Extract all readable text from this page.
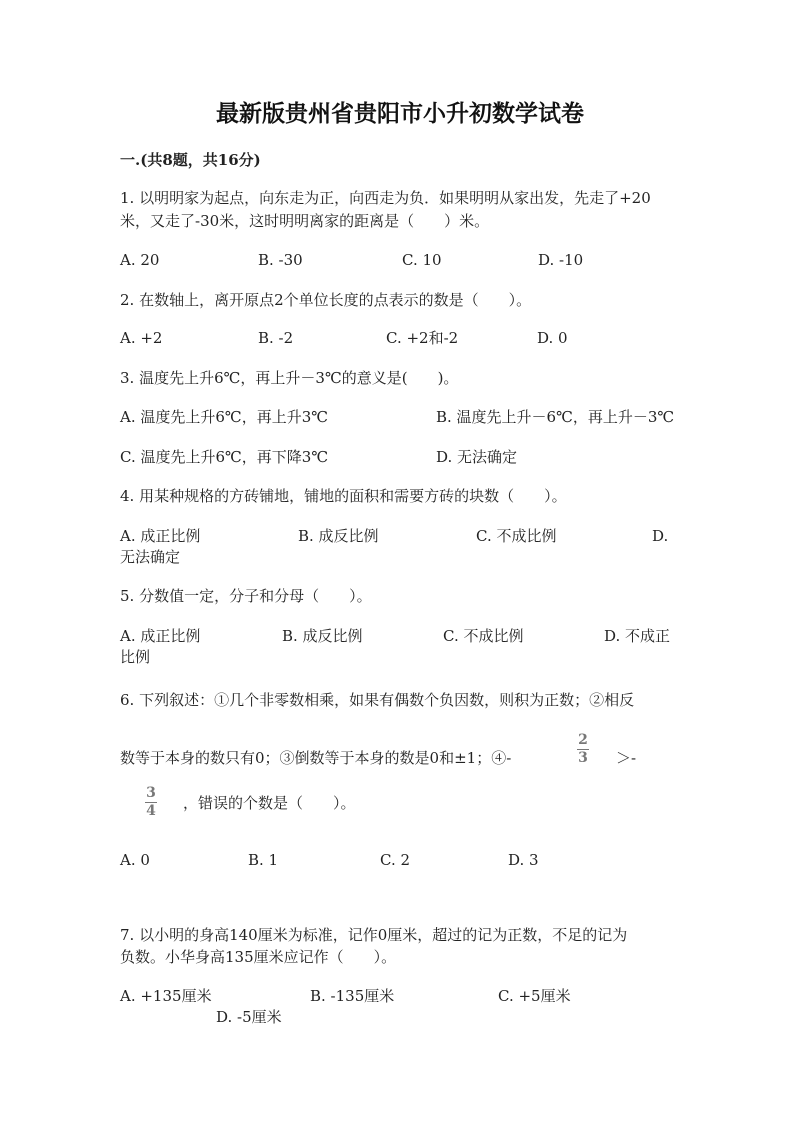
最新版贵州省贵阳市小升初数学试卷
一.(共8题，共16分)
1. 以明明家为起点，向东走为正，向西走为负．如果明明从家出发，先走了+20
米，又走了-30米，这时明明离家的距离是（　　）米。
A. 20	B. -30	C. 10	D. -10
2. 在数轴上，离开原点2个单位长度的点表示的数是（　　）。
A. +2	B. -2	C. +2和-2	D. 0
3. 温度先上升6℃，再上升－3℃的意义是(　　)。
A. 温度先上升6℃，再上升3℃	B. 温度先上升－6℃，再上升－3℃
C. 温度先上升6℃，再下降3℃	D. 无法确定
4. 用某种规格的方砖铺地，铺地的面积和需要方砖的块数（　　）。
A. 成正比例	B. 成反比例	C. 不成比例	D.
无法确定
5. 分数值一定，分子和分母（　　）。
A. 成正比例	B. 成反比例	C. 不成比例	D. 不成正
比例
6. 下列叙述：①几个非零数相乘，如果有偶数个负因数，则积为正数；②相反
数等于本身的数只有0；③倒数等于本身的数是0和±1；④-
2
3 ＞-
3
4 ，错误的个数是（　　）。
A. 0	B. 1	C. 2	D. 3
7. 以小明的身高140厘米为标准，记作0厘米，超过的记为正数，不足的记为
负数。小华身高135厘米应记作（　　）。
A. +135厘米	B. -135厘米	C. +5厘米
D. -5厘米
